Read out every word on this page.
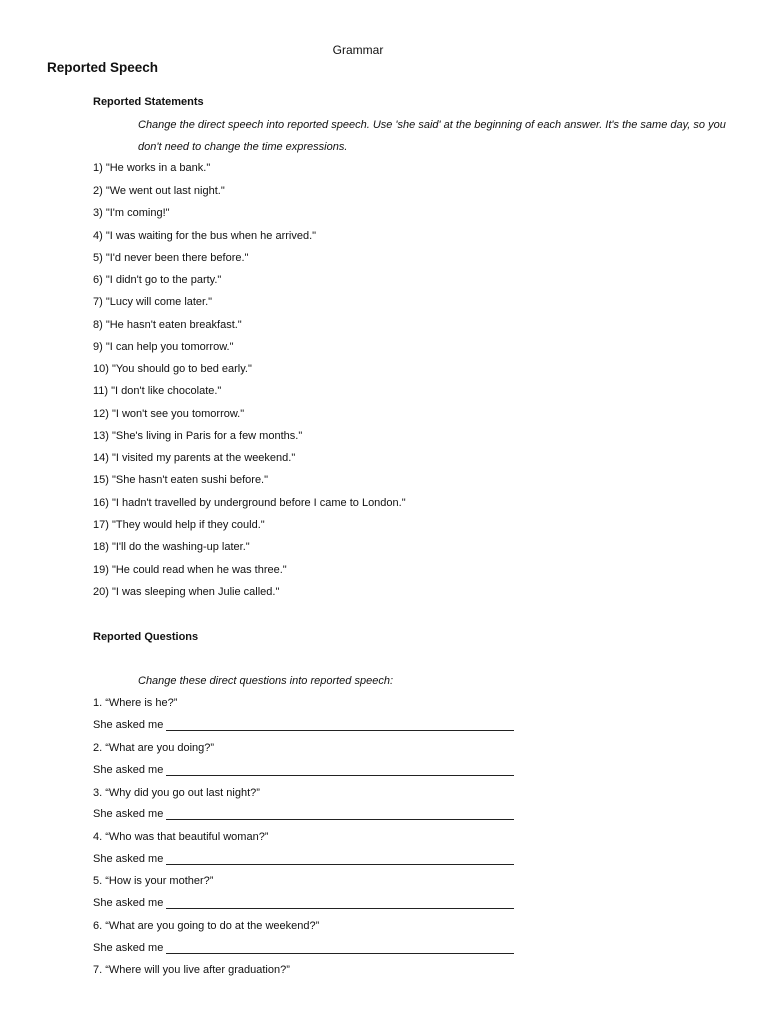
Grammar
Reported Speech
Reported Statements
Change the direct speech into reported speech. Use 'she said' at the beginning of each answer. It's the same day, so you don't need to change the time expressions.
1) "He works in a bank."
2) "We went out last night."
3) "I'm coming!"
4) "I was waiting for the bus when he arrived."
5) "I'd never been there before."
6) "I didn't go to the party."
7) "Lucy will come later."
8) "He hasn't eaten breakfast."
9) "I can help you tomorrow."
10) "You should go to bed early."
11) "I don't like chocolate."
12) "I won't see you tomorrow."
13) "She's living in Paris for a few months."
14) "I visited my parents at the weekend."
15) "She hasn't eaten sushi before."
16) "I hadn't travelled by underground before I came to London."
17) "They would help if they could."
18) "I'll do the washing-up later."
19) "He could read when he was three."
20) "I was sleeping when Julie called."
Reported Questions
Change these direct questions into reported speech:
1. “Where is he?”
She asked me
2. “What are you doing?”
She asked me
3. “Why did you go out last night?”
She asked me
4. “Who was that beautiful woman?”
She asked me
5. “How is your mother?”
She asked me
6. “What are you going to do at the weekend?”
She asked me
7. “Where will you live after graduation?”
